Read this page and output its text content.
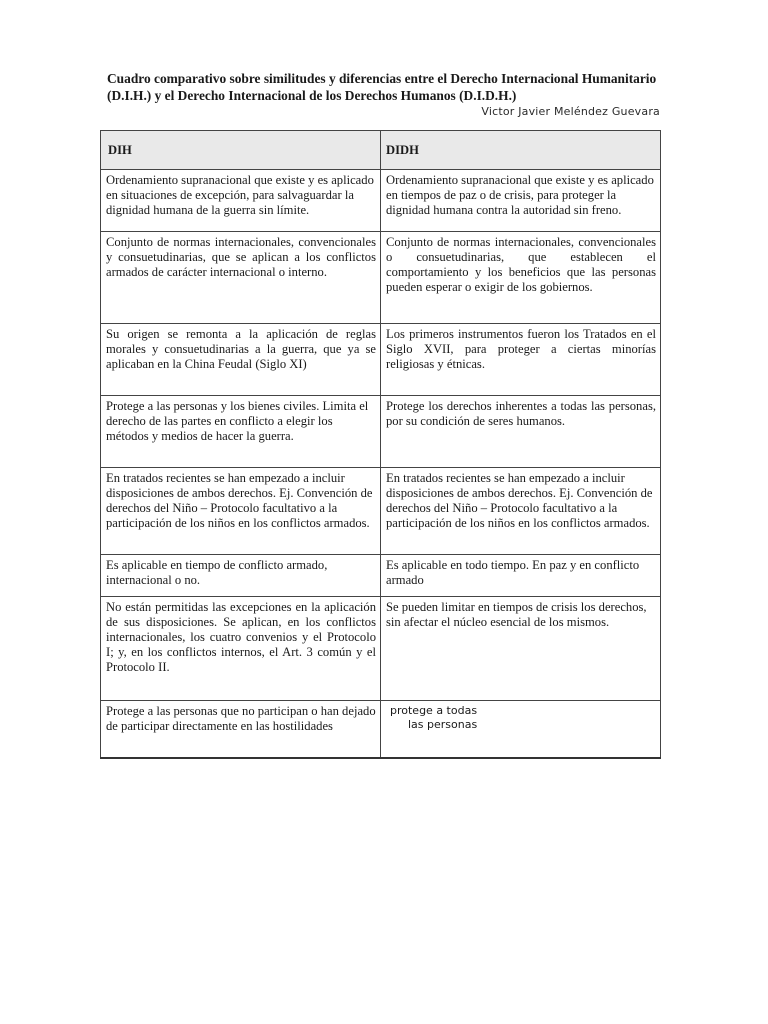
Cuadro comparativo sobre similitudes y diferencias entre el Derecho Internacional Humanitario (D.I.H.) y el Derecho Internacional de los Derechos Humanos (D.I.D.H.)
Victor Javier Meléndez Guevara
DIH	DIDH
Ordenamiento supranacional que existe y es aplicado en situaciones de excepción, para salvaguardar la dignidad humana de la guerra sin límite.	Ordenamiento supranacional que existe y es aplicado en tiempos de paz o de crisis, para proteger la dignidad humana contra la autoridad sin freno.
Conjunto de normas internacionales, convencionales y consuetudinarias, que se aplican a los conflictos armados de carácter internacional o interno.	Conjunto de normas internacionales, convencionales o consuetudinarias, que establecen el comportamiento y los beneficios que las personas pueden esperar o exigir de los gobiernos.
Su origen se remonta a la aplicación de reglas morales y consuetudinarias a la guerra, que ya se aplicaban en la China Feudal (Siglo XI)	Los primeros instrumentos fueron los Tratados en el Siglo XVII, para proteger a ciertas minorías religiosas y étnicas.
Protege a las personas y los bienes civiles. Limita el derecho de las partes en conflicto a elegir los métodos y medios de hacer la guerra.	Protege los derechos inherentes a todas las personas, por su condición de seres humanos.
En tratados recientes se han empezado a incluir disposiciones de ambos derechos. Ej. Convención de derechos del Niño – Protocolo facultativo a la participación de los niños en los conflictos armados.	En tratados recientes se han empezado a incluir disposiciones de ambos derechos. Ej. Convención de derechos del Niño – Protocolo facultativo a la participación de los niños en los conflictos armados.
Es aplicable en tiempo de conflicto armado, internacional o no.	Es aplicable en todo tiempo. En paz y en conflicto armado
No están permitidas las excepciones en la aplicación de sus disposiciones. Se aplican, en los conflictos internacionales, los cuatro convenios y el Protocolo I; y, en los conflictos internos, el Art. 3 común y el Protocolo II.	Se pueden limitar en tiempos de crisis los derechos, sin afectar el núcleo esencial de los mismos.
Protege a las personas que no participan o han dejado de participar directamente en las hostilidades	protege a todas
las personas
